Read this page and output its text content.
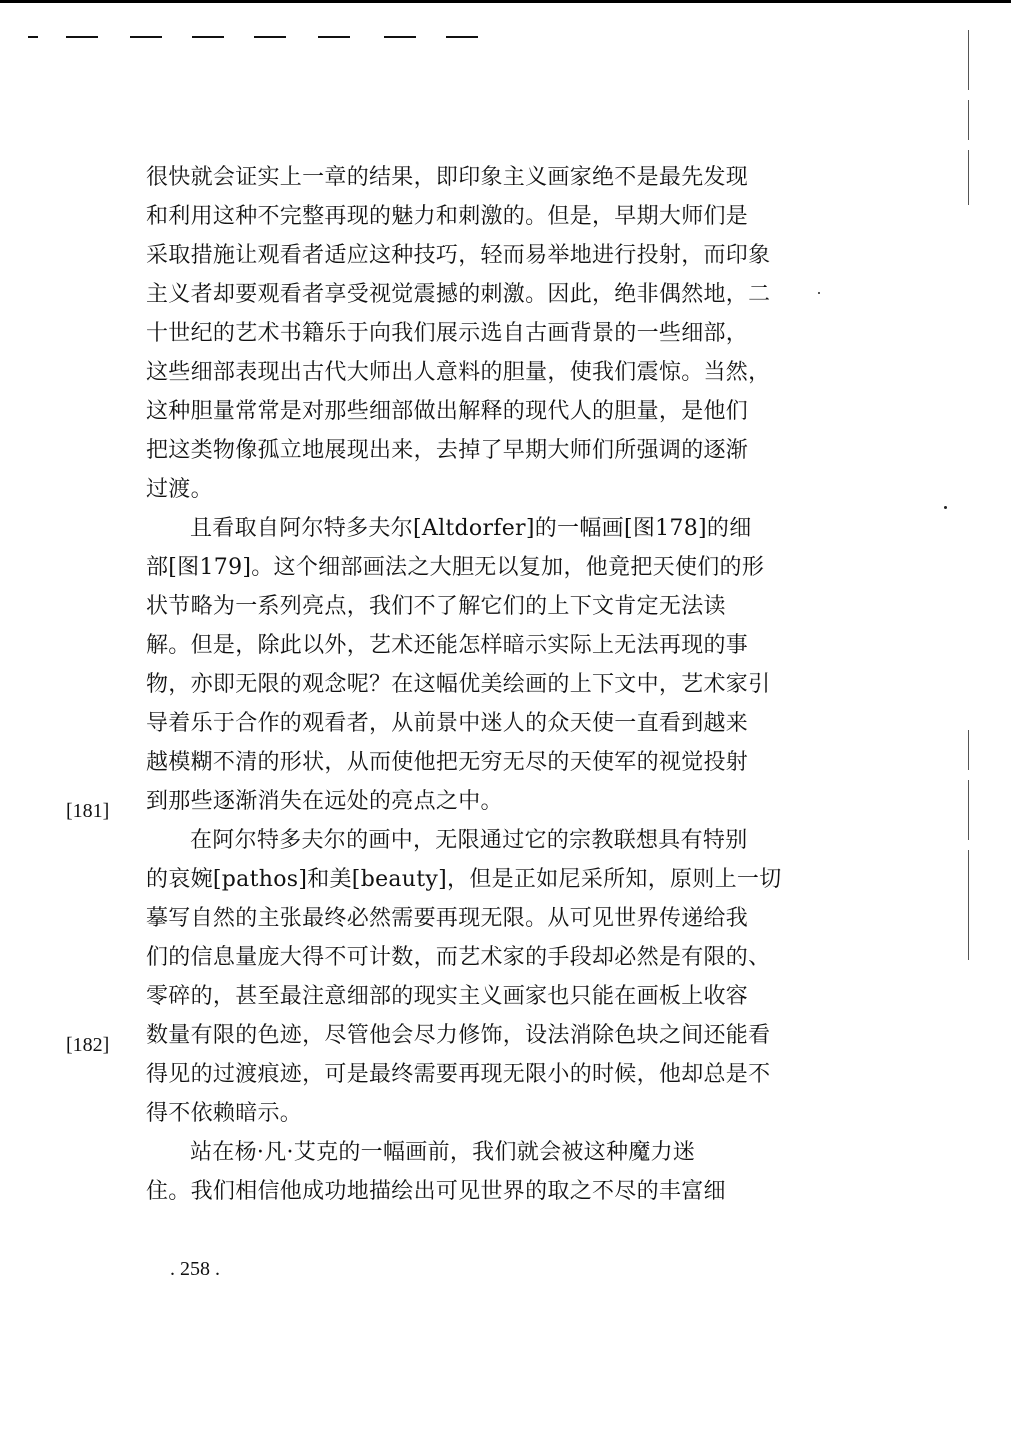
很快就会证实上一章的结果，即印象主义画家绝不是最先发现
和利用这种不完整再现的魅力和刺激的。但是，早期大师们是
采取措施让观看者适应这种技巧，轻而易举地进行投射，而印象
主义者却要观看者享受视觉震撼的刺激。因此，绝非偶然地，二
十世纪的艺术书籍乐于向我们展示选自古画背景的一些细部，
这些细部表现出古代大师出人意料的胆量，使我们震惊。当然，
这种胆量常常是对那些细部做出解释的现代人的胆量，是他们
把这类物像孤立地展现出来，去掉了早期大师们所强调的逐渐
过渡。

且看取自阿尔特多夫尔[Altdorfer]的一幅画[图178]的细
部[图179]。这个细部画法之大胆无以复加，他竟把天使们的形
状节略为一系列亮点，我们不了解它们的上下文肯定无法读
解。但是，除此以外，艺术还能怎样暗示实际上无法再现的事
物，亦即无限的观念呢？在这幅优美绘画的上下文中，艺术家引
导着乐于合作的观看者，从前景中迷人的众天使一直看到越来
越模糊不清的形状，从而使他把无穷无尽的天使军的视觉投射
到那些逐渐消失在远处的亮点之中。

在阿尔特多夫尔的画中，无限通过它的宗教联想具有特别
的哀婉[pathos]和美[beauty]，但是正如尼采所知，原则上一切
摹写自然的主张最终必然需要再现无限。从可见世界传递给我
们的信息量庞大得不可计数，而艺术家的手段却必然是有限的、
零碎的，甚至最注意细部的现实主义画家也只能在画板上收容
数量有限的色迹，尽管他会尽力修饰，设法消除色块之间还能看
得见的过渡痕迹，可是最终需要再现无限小的时候，他却总是不
得不依赖暗示。

站在杨·凡·艾克的一幅画前，我们就会被这种魔力迷
住。我们相信他成功地描绘出可见世界的取之不尽的丰富细

[181]
[182]
. 258 .
